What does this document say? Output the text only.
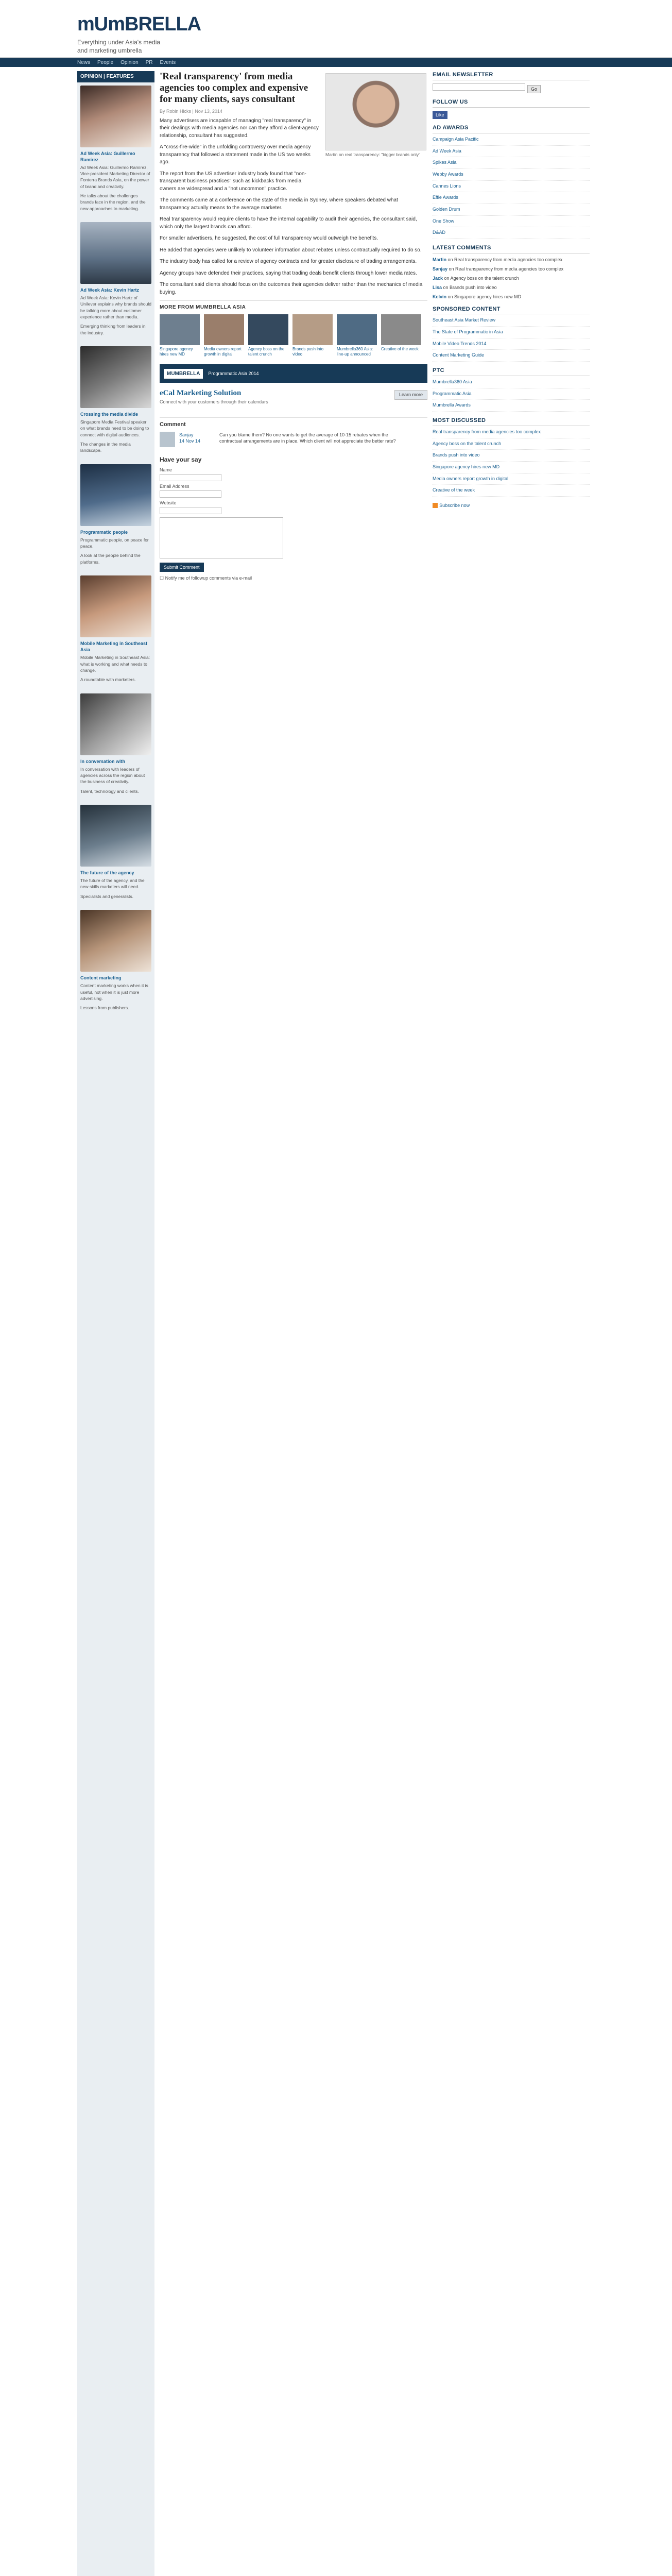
mUmBRELLA
Everything under Asia's media
and marketing umbrella
News People Opinion PR Events
OPINION | FEATURES
Ad Week Asia: Guillermo Ramírez

Ad Week Asia: Guillermo Ramírez, Vice-president Marketing Director of Fonterra Brands Asia, on the power of brand and creativity.

He talks about the challenges brands face in the region, and the new approaches to marketing.

Ad Week Asia: Kevin Hartz

Ad Week Asia: Kevin Hartz of Unilever explains why brands should be talking more about customer experience rather than media.

Emerging thinking from leaders in the industry.

Crossing the media divide

Singapore Media Festival speaker on what brands need to be doing to connect with digital audiences.

The changes in the media landscape.

Programmatic people

Programmatic people, on peace for peace.

A look at the people behind the platforms.

Mobile Marketing in Southeast Asia

Mobile Marketing in Southeast Asia: what is working and what needs to change.

A roundtable with marketers.

In conversation with

In conversation with leaders of agencies across the region about the business of creativity.

Talent, technology and clients.

The future of the agency

The future of the agency, and the new skills marketers will need.

Specialists and generalists.

Content marketing

Content marketing works when it is useful, not when it is just more advertising.

Lessons from publishers.

'Real transparency' from media agencies too complex and expensive for many clients, says consultant
By Robin Hicks | Nov 13, 2014
Martin on real transparency: "bigger brands only"

Many advertisers are incapable of managing "real transparency" in their dealings with media agencies nor can they afford a client-agency relationship, consultant has suggested.

A "cross-fire-wide" in the unfolding controversy over media agency transparency that followed a statement made in the US two weeks ago.

The report from the US advertiser industry body found that "non-transparent business practices" such as kickbacks from media owners are widespread and a "not uncommon" practice.

The comments came at a conference on the state of the media in Sydney, where speakers debated what transparency actually means to the average marketer.

Real transparency would require clients to have the internal capability to audit their agencies, the consultant said, which only the largest brands can afford.

For smaller advertisers, he suggested, the cost of full transparency would outweigh the benefits.

He added that agencies were unlikely to volunteer information about rebates unless contractually required to do so.

The industry body has called for a review of agency contracts and for greater disclosure of trading arrangements.

Agency groups have defended their practices, saying that trading deals benefit clients through lower media rates.

The consultant said clients should focus on the outcomes their agencies deliver rather than the mechanics of media buying.

MORE FROM MUMBRELLA ASIA
Singapore agency hires new MD
Media owners report growth in digital
Agency boss on the talent crunch
Brands push into video
Mumbrella360 Asia: line-up announced
Creative of the week
MUMBRELLA	Programmatic Asia 2014
eCal Marketing Solution
Connect with your customers through their calendars
Learn more
Comment
Sanjay
14 Nov 14
Can you blame them? No one wants to get the average of 10-15 rebates when the contractual arrangements are in place. Which client will not appreciate the better rate?
Have your say
Name
Email Address
Website
Submit Comment
☐ Notify me of followup comments via e-mail
EMAIL NEWSLETTER
Go
FOLLOW US
Like
AD AWARDS
Campaign Asia Pacific
Ad Week Asia
Spikes Asia
Webby Awards
Cannes Lions
Effie Awards
Golden Drum
One Show
D&AD
LATEST COMMENTS
Martin on Real transparency from media agencies too complex
Sanjay on Real transparency from media agencies too complex
Jack on Agency boss on the talent crunch
Lisa on Brands push into video
Kelvin on Singapore agency hires new MD
SPONSORED CONTENT
Southeast Asia Market Review
The State of Programmatic in Asia
Mobile Video Trends 2014
Content Marketing Guide
PTC
Mumbrella360 Asia
Programmatic Asia
Mumbrella Awards
MOST DISCUSSED
Real transparency from media agencies too complex
Agency boss on the talent crunch
Brands push into video
Singapore agency hires new MD
Media owners report growth in digital
Creative of the week
Subscribe now
